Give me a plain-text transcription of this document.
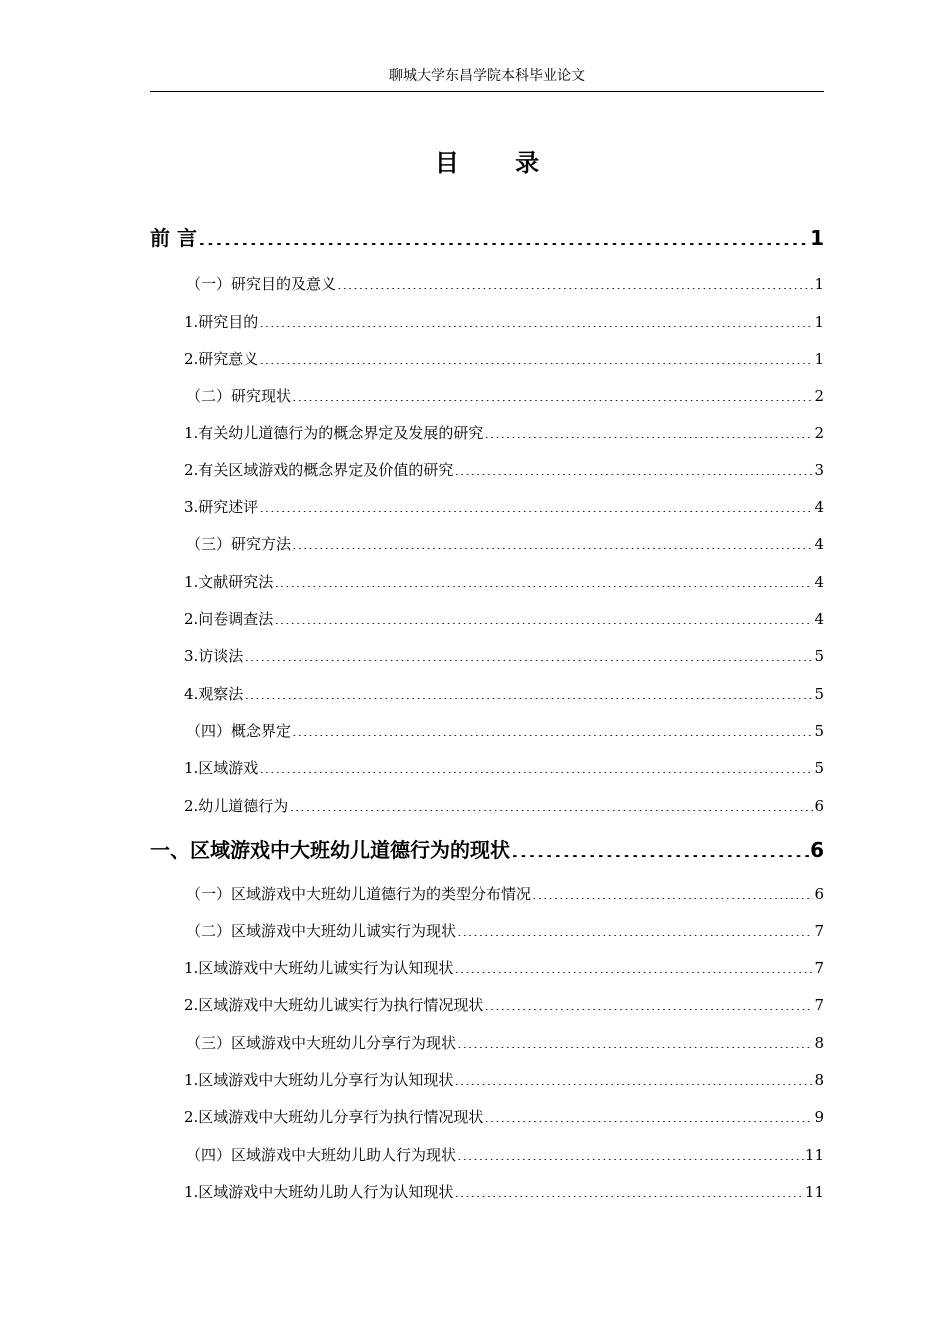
聊城大学东昌学院本科毕业论文
目 录
前 言 .....	1
（一）研究目的及意义 .....	1
1.研究目的 .....	1
2.研究意义 .....	1
（二）研究现状 .....	2
1.有关幼儿道德行为的概念界定及发展的研究 .....	2
2.有关区域游戏的概念界定及价值的研究 .....	3
3.研究述评 .....	4
（三）研究方法 .....	4
1.文献研究法 .....	4
2.问卷调查法 .....	4
3.访谈法 .....	5
4.观察法 .....	5
（四）概念界定 .....	5
1.区域游戏 .....	5
2.幼儿道德行为 .....	6
一、区域游戏中大班幼儿道德行为的现状 .....	6
（一）区域游戏中大班幼儿道德行为的类型分布情况 .....	6
（二）区域游戏中大班幼儿诚实行为现状 .....	7
1.区域游戏中大班幼儿诚实行为认知现状 .....	7
2.区域游戏中大班幼儿诚实行为执行情况现状 .....	7
（三）区域游戏中大班幼儿分享行为现状 .....	8
1.区域游戏中大班幼儿分享行为认知现状 .....	8
2.区域游戏中大班幼儿分享行为执行情况现状 .....	9
（四）区域游戏中大班幼儿助人行为现状 .....	11
1.区域游戏中大班幼儿助人行为认知现状 .....	11
